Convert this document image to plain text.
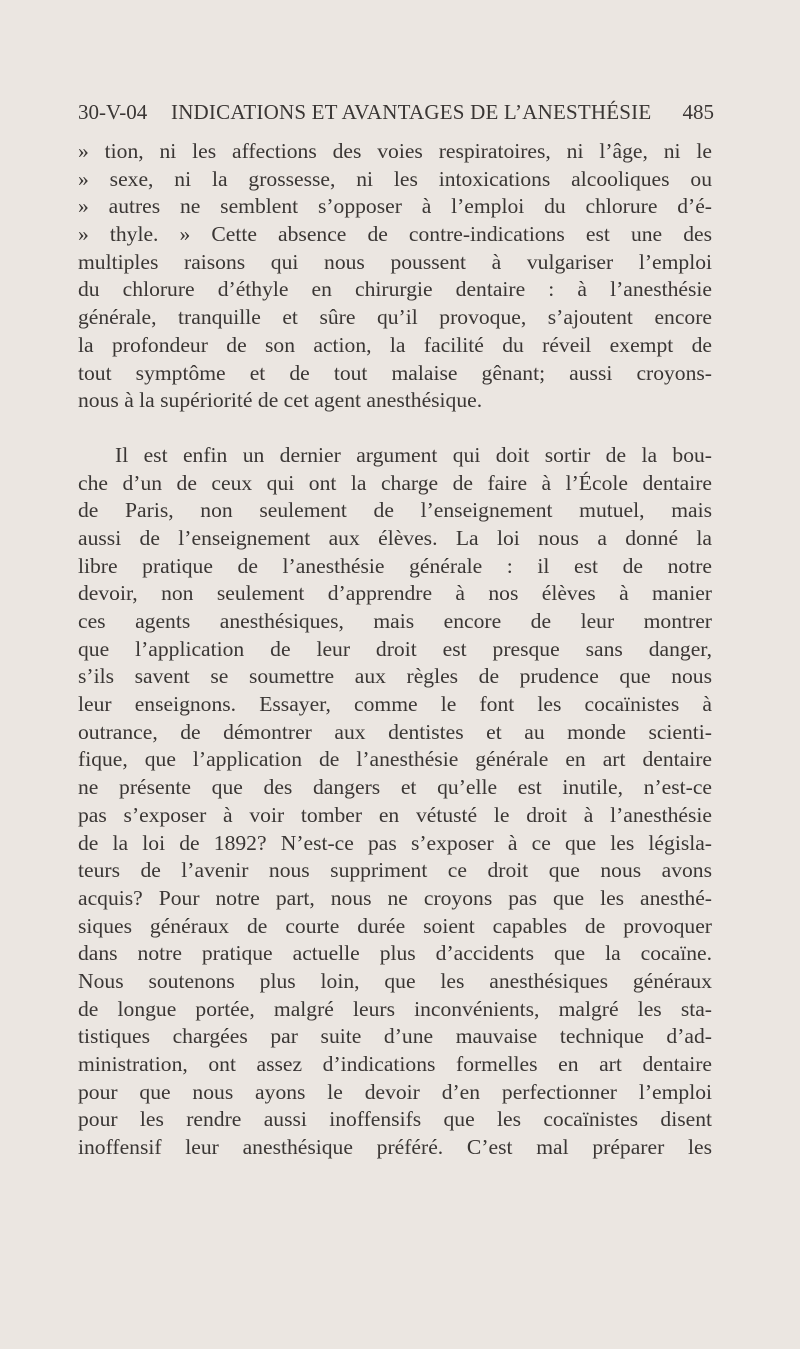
30-V-04 INDICATIONS ET AVANTAGES DE L’ANESTHÉSIE 485
» tion, ni les affections des voies respiratoires, ni l’âge, ni le
» sexe, ni la grossesse, ni les intoxications alcooliques ou
» autres ne semblent s’opposer à l’emploi du chlorure d’é-
» thyle. » Cette absence de contre-indications est une des
multiples raisons qui nous poussent à vulgariser l’emploi
du chlorure d’éthyle en chirurgie dentaire : à l’anesthésie
générale, tranquille et sûre qu’il provoque, s’ajoutent encore
la profondeur de son action, la facilité du réveil exempt de
tout symptôme et de tout malaise gênant; aussi croyons-
nous à la supériorité de cet agent anesthésique.
Il est enfin un dernier argument qui doit sortir de la bou-
che d’un de ceux qui ont la charge de faire à l’École dentaire
de Paris, non seulement de l’enseignement mutuel, mais
aussi de l’enseignement aux élèves. La loi nous a donné la
libre pratique de l’anesthésie générale : il est de notre
devoir, non seulement d’apprendre à nos élèves à manier
ces agents anesthésiques, mais encore de leur montrer
que l’application de leur droit est presque sans danger,
s’ils savent se soumettre aux règles de prudence que nous
leur enseignons. Essayer, comme le font les cocaïnistes à
outrance, de démontrer aux dentistes et au monde scienti-
fique, que l’application de l’anesthésie générale en art dentaire
ne présente que des dangers et qu’elle est inutile, n’est-ce
pas s’exposer à voir tomber en vétusté le droit à l’anesthésie
de la loi de 1892? N’est-ce pas s’exposer à ce que les législa-
teurs de l’avenir nous suppriment ce droit que nous avons
acquis? Pour notre part, nous ne croyons pas que les anesthé-
siques généraux de courte durée soient capables de provoquer
dans notre pratique actuelle plus d’accidents que la cocaïne.
Nous soutenons plus loin, que les anesthésiques généraux
de longue portée, malgré leurs inconvénients, malgré les sta-
tistiques chargées par suite d’une mauvaise technique d’ad-
ministration, ont assez d’indications formelles en art dentaire
pour que nous ayons le devoir d’en perfectionner l’emploi
pour les rendre aussi inoffensifs que les cocaïnistes disent
inoffensif leur anesthésique préféré. C’est mal préparer les
